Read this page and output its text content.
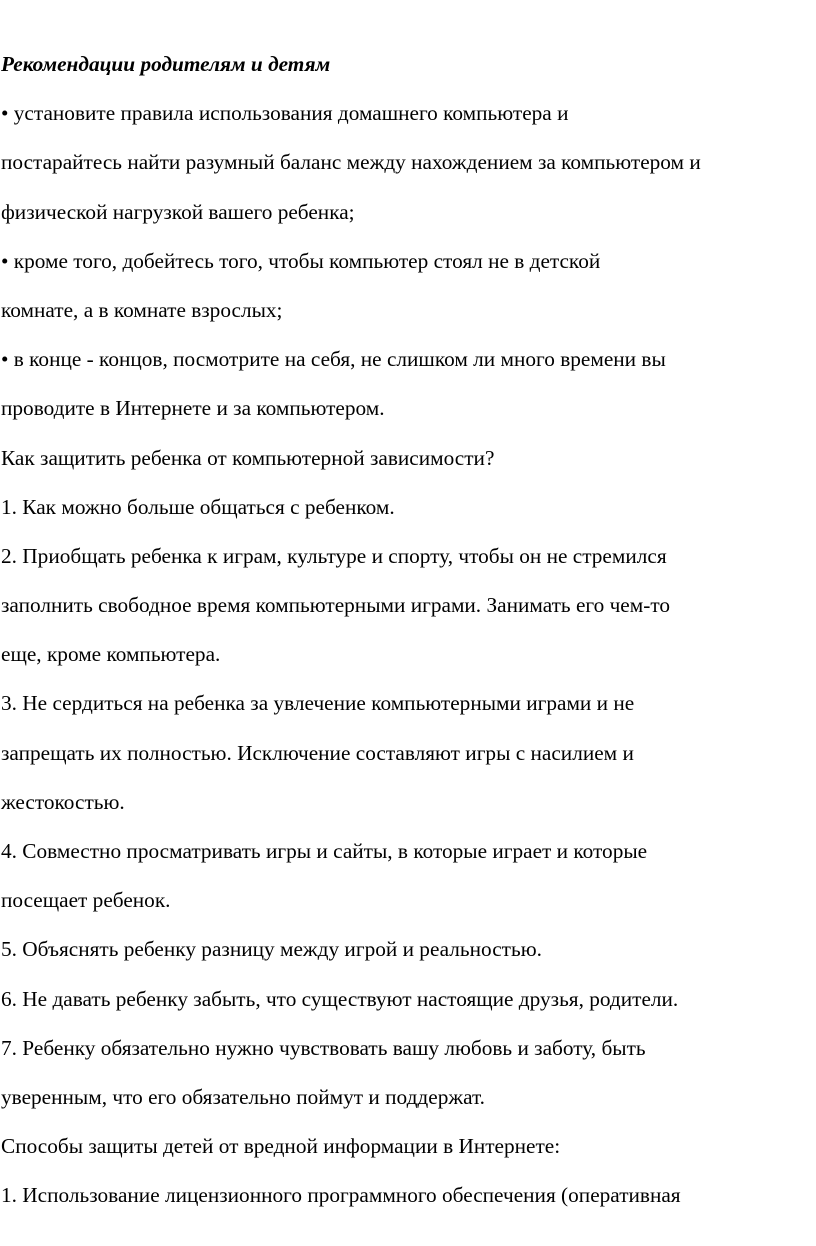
Рекомендации родителям и детям
• установите правила использования домашнего компьютера и
постарайтесь найти разумный баланс между нахождением за компьютером и
физической нагрузкой вашего ребенка;
• кроме того, добейтесь того, чтобы компьютер стоял не в детской
комнате, а в комнате взрослых;
• в конце - концов, посмотрите на себя, не слишком ли много времени вы
проводите в Интернете и за компьютером.
Как защитить ребенка от компьютерной зависимости?
1. Как можно больше общаться с ребенком.
2. Приобщать ребенка к играм, культуре и спорту, чтобы он не стремился
заполнить свободное время компьютерными играми. Занимать его чем-то
еще, кроме компьютера.
3. Не сердиться на ребенка за увлечение компьютерными играми и не
запрещать их полностью. Исключение составляют игры с насилием и
жестокостью.
4. Совместно просматривать игры и сайты, в которые играет и которые
посещает ребенок.
5. Объяснять ребенку разницу между игрой и реальностью.
6. Не давать ребенку забыть, что существуют настоящие друзья, родители.
7. Ребенку обязательно нужно чувствовать вашу любовь и заботу, быть
уверенным, что его обязательно поймут и поддержат.
Способы защиты детей от вредной информации в Интернете:
1. Использование лицензионного программного обеспечения (оперативная
